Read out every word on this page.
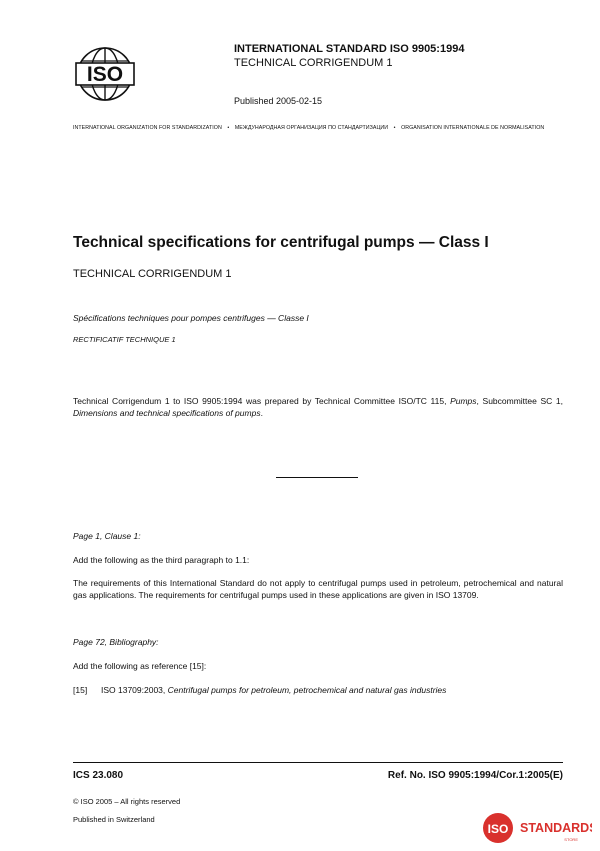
ISO
INTERNATIONAL STANDARD ISO 9905:1994
TECHNICAL CORRIGENDUM 1
Published 2005-02-15
INTERNATIONAL ORGANIZATION FOR STANDARDIZATION • МЕЖДУНАРОДНАЯ ОРГАНИЗАЦИЯ ПО СТАНДАРТИЗАЦИИ • ORGANISATION INTERNATIONALE DE NORMALISATION
Technical specifications for centrifugal pumps — Class I
TECHNICAL CORRIGENDUM 1
Spécifications techniques pour pompes centrifuges — Classe I
RECTIFICATIF TECHNIQUE 1
Technical Corrigendum 1 to ISO 9905:1994 was prepared by Technical Committee ISO/TC 115, Pumps, Subcommittee SC 1, Dimensions and technical specifications of pumps.
Page 1, Clause 1:
Add the following as the third paragraph to 1.1:
The requirements of this International Standard do not apply to centrifugal pumps used in petroleum, petrochemical and natural gas applications. The requirements for centrifugal pumps used in these applications are given in ISO 13709.
Page 72, Bibliography:
Add the following as reference [15]:
[15] ISO 13709:2003, Centrifugal pumps for petroleum, petrochemical and natural gas industries
ICS 23.080	Ref. No. ISO 9905:1994/Cor.1:2005(E)
© ISO 2005 – All rights reserved
Published in Switzerland
ISO STANDARDS
STORE
